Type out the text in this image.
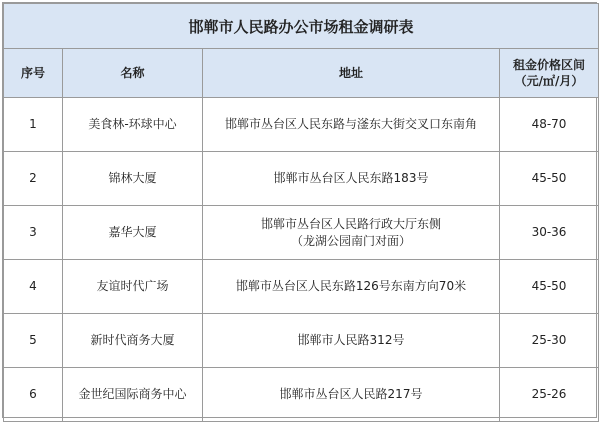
邯郸市人民路办公市场租金调研表			
序号	名称	地址	租金价格区间
（元/㎡/月）

1	美食林-环球中心	邯郸市丛台区人民东路与滏东大街交叉口东南角	48-70
2	锦林大厦	邯郸市丛台区人民东路183号	45-50
3	嘉华大厦	邯郸市丛台区人民路行政大厅东侧
（龙湖公园南门对面）	30-36
4	友谊时代广场	邯郸市丛台区人民东路126号东南方向70米	45-50
5	新时代商务大厦	邯郸市人民路312号	25-30
6	金世纪国际商务中心	邯郸市丛台区人民路217号	25-26
